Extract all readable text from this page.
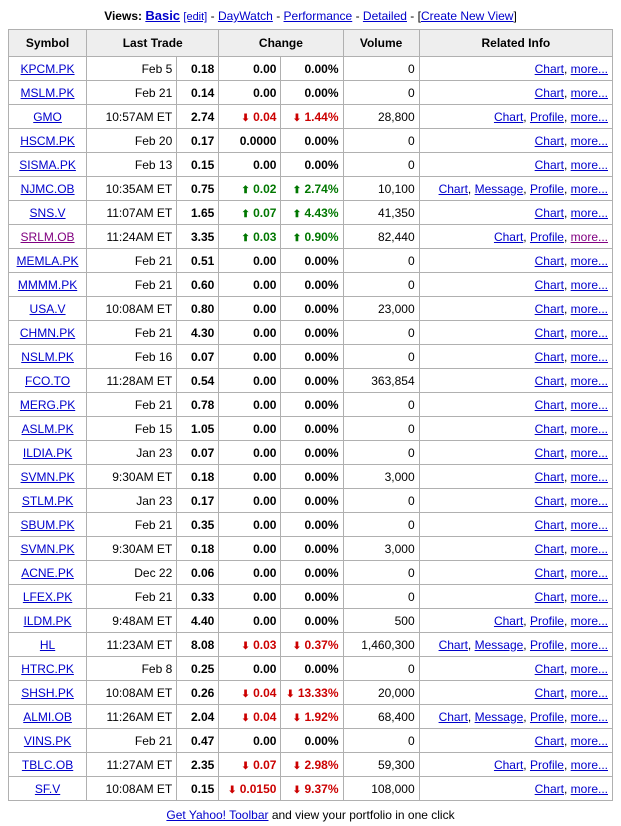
Views: Basic [edit] - DayWatch - Performance - Detailed - [Create New View]
Symbol	Last Trade		Change		Volume	Related Info
KPCM.PK	Feb 5	0.18	0.00	0.00%	0	Chart, more...
MSLM.PK	Feb 21	0.14	0.00	0.00%	0	Chart, more...
GMO	10:57AM ET	2.74	⬇ 0.04	⬇ 1.44%	28,800	Chart, Profile, more...
HSCM.PK	Feb 20	0.17	0.0000	0.00%	0	Chart, more...
SISMA.PK	Feb 13	0.15	0.00	0.00%	0	Chart, more...
NJMC.OB	10:35AM ET	0.75	⬆ 0.02	⬆ 2.74%	10,100	Chart, Message, Profile, more...
SNS.V	11:07AM ET	1.65	⬆ 0.07	⬆ 4.43%	41,350	Chart, more...
SRLM.OB	11:24AM ET	3.35	⬆ 0.03	⬆ 0.90%	82,440	Chart, Profile, more...
MEMLA.PK	Feb 21	0.51	0.00	0.00%	0	Chart, more...
MMMM.PK	Feb 21	0.60	0.00	0.00%	0	Chart, more...
USA.V	10:08AM ET	0.80	0.00	0.00%	23,000	Chart, more...
CHMN.PK	Feb 21	4.30	0.00	0.00%	0	Chart, more...
NSLM.PK	Feb 16	0.07	0.00	0.00%	0	Chart, more...
FCO.TO	11:28AM ET	0.54	0.00	0.00%	363,854	Chart, more...
MERG.PK	Feb 21	0.78	0.00	0.00%	0	Chart, more...
ASLM.PK	Feb 15	1.05	0.00	0.00%	0	Chart, more...
ILDIA.PK	Jan 23	0.07	0.00	0.00%	0	Chart, more...
SVMN.PK	9:30AM ET	0.18	0.00	0.00%	3,000	Chart, more...
STLM.PK	Jan 23	0.17	0.00	0.00%	0	Chart, more...
SBUM.PK	Feb 21	0.35	0.00	0.00%	0	Chart, more...
SVMN.PK	9:30AM ET	0.18	0.00	0.00%	3,000	Chart, more...
ACNE.PK	Dec 22	0.06	0.00	0.00%	0	Chart, more...
LFEX.PK	Feb 21	0.33	0.00	0.00%	0	Chart, more...
ILDM.PK	9:48AM ET	4.40	0.00	0.00%	500	Chart, Profile, more...
HL	11:23AM ET	8.08	⬇ 0.03	⬇ 0.37%	1,460,300	Chart, Message, Profile, more...
HTRC.PK	Feb 8	0.25	0.00	0.00%	0	Chart, more...
SHSH.PK	10:08AM ET	0.26	⬇ 0.04	⬇ 13.33%	20,000	Chart, more...
ALMI.OB	11:26AM ET	2.04	⬇ 0.04	⬇ 1.92%	68,400	Chart, Message, Profile, more...
VINS.PK	Feb 21	0.47	0.00	0.00%	0	Chart, more...
TBLC.OB	11:27AM ET	2.35	⬇ 0.07	⬇ 2.98%	59,300	Chart, Profile, more...
SF.V	10:08AM ET	0.15	⬇ 0.0150	⬇ 9.37%	108,000	Chart, more...
Get Yahoo! Toolbar and view your portfolio in one click
